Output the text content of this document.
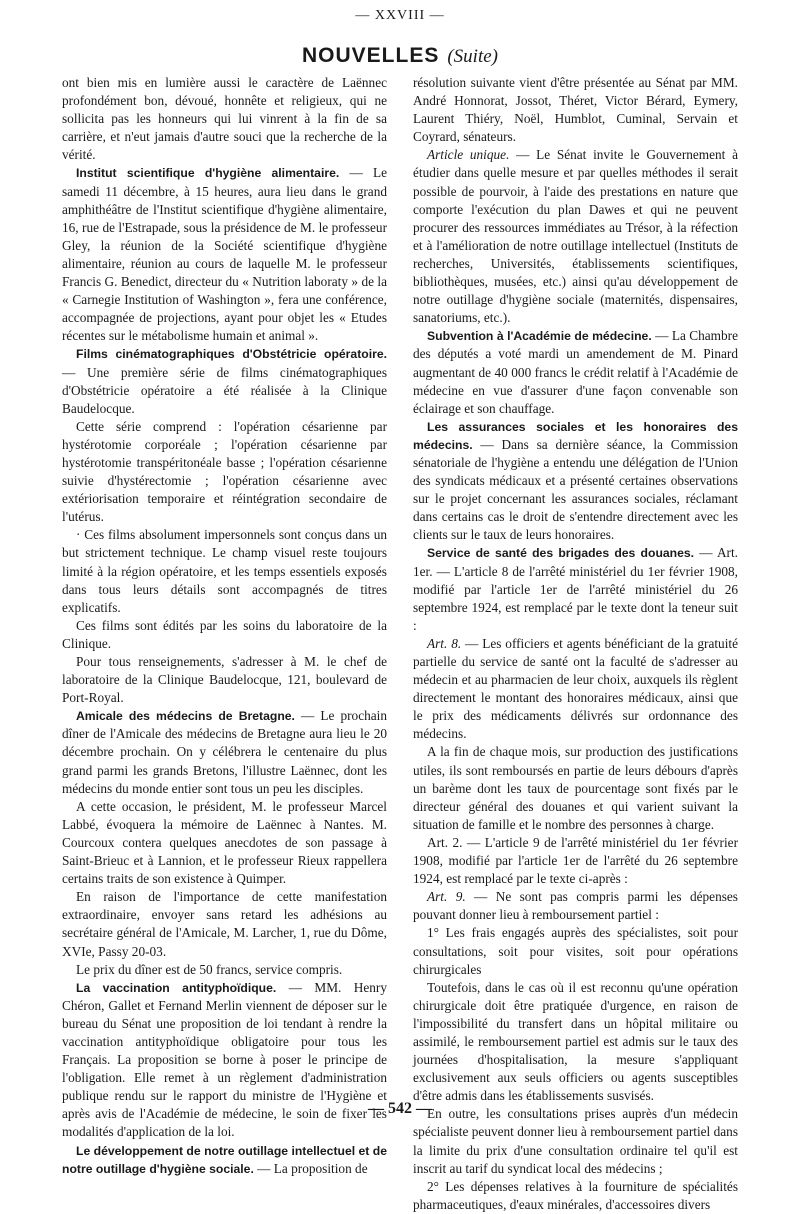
— XXVIII —
NOUVELLES (Suite)

ont bien mis en lumière aussi le caractère de Laënnec profondément bon, dévoué, honnête et religieux, qui ne sollicita pas les honneurs qui lui vinrent à la fin de sa carrière, et n'eut jamais d'autre souci que la recherche de la vérité.

Institut scientifique d'hygiène alimentaire. — Le samedi 11 décembre, à 15 heures, aura lieu dans le grand amphithéâtre de l'Institut scientifique d'hygiène alimentaire, 16, rue de l'Estrapade, sous la présidence de M. le professeur Gley, la réunion de la Société scientifique d'hygiène alimentaire, réunion au cours de laquelle M. le professeur Francis G. Benedict, directeur du « Nutrition laboraty » de la « Carnegie Institution of Washington », fera une conférence, accompagnée de projections, ayant pour objet les « Etudes récentes sur le métabolisme humain et animal ».

Films cinématographiques d'Obstétricie opératoire. — Une première série de films cinématographiques d'Obstétricie opératoire a été réalisée à la Clinique Baudelocque.

Cette série comprend : l'opération césarienne par hystérotomie corporéale ; l'opération césarienne par hystérotomie transpéritonéale basse ; l'opération césarienne suivie d'hystérectomie ; l'opération césarienne avec extériorisation temporaire et réintégration secondaire de l'utérus.

· Ces films absolument impersonnels sont conçus dans un but strictement technique. Le champ visuel reste toujours limité à la région opératoire, et les temps essentiels exposés dans tous leurs détails sont accompagnés de titres explicatifs.

Ces films sont édités par les soins du laboratoire de la Clinique.

Pour tous renseignements, s'adresser à M. le chef de laboratoire de la Clinique Baudelocque, 121, boulevard de Port-Royal.

Amicale des médecins de Bretagne. — Le prochain dîner de l'Amicale des médecins de Bretagne aura lieu le 20 décembre prochain. On y célébrera le centenaire du plus grand parmi les grands Bretons, l'illustre Laënnec, dont les médecins du monde entier sont tous un peu les disciples.

A cette occasion, le président, M. le professeur Marcel Labbé, évoquera la mémoire de Laënnec à Nantes. M. Courcoux contera quelques anecdotes de son passage à Saint-Brieuc et à Lannion, et le professeur Rieux rappellera certains traits de son existence à Quimper.

En raison de l'importance de cette manifestation extraordinaire, envoyer sans retard les adhésions au secrétaire général de l'Amicale, M. Larcher, 1, rue du Dôme, XVIe, Passy 20-03.

Le prix du dîner est de 50 francs, service compris.

La vaccination antityphoïdique. — MM. Henry Chéron, Gallet et Fernand Merlin viennent de déposer sur le bureau du Sénat une proposition de loi tendant à rendre la vaccination antityphoïdique obligatoire pour tous les Français. La proposition se borne à poser le principe de l'obligation. Elle remet à un règlement d'administration publique rendu sur le rapport du ministre de l'Hygiène et après avis de l'Académie de médecine, le soin de fixer les modalités d'application de la loi.

Le développement de notre outillage intellectuel et de notre outillage d'hygiène sociale. — La proposition de

résolution suivante vient d'être présentée au Sénat par MM. André Honnorat, Jossot, Théret, Victor Bérard, Eymery, Laurent Thiéry, Noël, Humblot, Cuminal, Servain et Coyrard, sénateurs.

Article unique. — Le Sénat invite le Gouvernement à étudier dans quelle mesure et par quelles méthodes il serait possible de pourvoir, à l'aide des prestations en nature que comporte l'exécution du plan Dawes et qui ne peuvent procurer des ressources immédiates au Trésor, à la réfection et à l'amélioration de notre outillage intellectuel (Instituts de recherches, Universités, établissements scientifiques, bibliothèques, musées, etc.) ainsi qu'au développement de notre outillage d'hygiène sociale (maternités, dispensaires, sanatoriums, etc.).

Subvention à l'Académie de médecine. — La Chambre des députés a voté mardi un amendement de M. Pinard augmentant de 40 000 francs le crédit relatif à l'Académie de médecine en vue d'assurer d'une façon convenable son éclairage et son chauffage.

Les assurances sociales et les honoraires des médecins. — Dans sa dernière séance, la Commission sénatoriale de l'hygiène a entendu une délégation de l'Union des syndicats médicaux et a présenté certaines observations sur le projet concernant les assurances sociales, réclamant dans certains cas le droit de s'entendre directement avec les clients sur le taux de leurs honoraires.

Service de santé des brigades des douanes. — Art. 1er. — L'article 8 de l'arrêté ministériel du 1er février 1908, modifié par l'article 1er de l'arrêté ministériel du 26 septembre 1924, est remplacé par le texte dont la teneur suit :

Art. 8. — Les officiers et agents bénéficiant de la gratuité partielle du service de santé ont la faculté de s'adresser au médecin et au pharmacien de leur choix, auxquels ils règlent directement le montant des honoraires médicaux, ainsi que le prix des médicaments délivrés sur ordonnance des médecins.

A la fin de chaque mois, sur production des justifications utiles, ils sont remboursés en partie de leurs débours d'après un barème dont les taux de pourcentage sont fixés par le directeur général des douanes et qui varient suivant la situation de famille et le nombre des personnes à charge.

Art. 2. — L'article 9 de l'arrêté ministériel du 1er février 1908, modifié par l'article 1er de l'arrêté du 26 septembre 1924, est remplacé par le texte ci-après :

Art. 9. — Ne sont pas compris parmi les dépenses pouvant donner lieu à remboursement partiel :

1° Les frais engagés auprès des spécialistes, soit pour consultations, soit pour visites, soit pour opérations chirurgicales

Toutefois, dans le cas où il est reconnu qu'une opération chirurgicale doit être pratiquée d'urgence, en raison de l'impossibilité du transfert dans un hôpital militaire ou assimilé, le remboursement partiel est admis sur le taux des journées d'hospitalisation, la mesure s'appliquant exclusivement aux seuls officiers ou agents susceptibles d'être admis dans les établissements susvisés.

En outre, les consultations prises auprès d'un médecin spécialiste peuvent donner lieu à remboursement partiel dans la limite du prix d'une consultation ordinaire tel qu'il est inscrit au tarif du syndicat local des médecins ;

2° Les dépenses relatives à la fourniture de spécialités pharmaceutiques, d'eaux minérales, d'accessoires divers

— 542 —
